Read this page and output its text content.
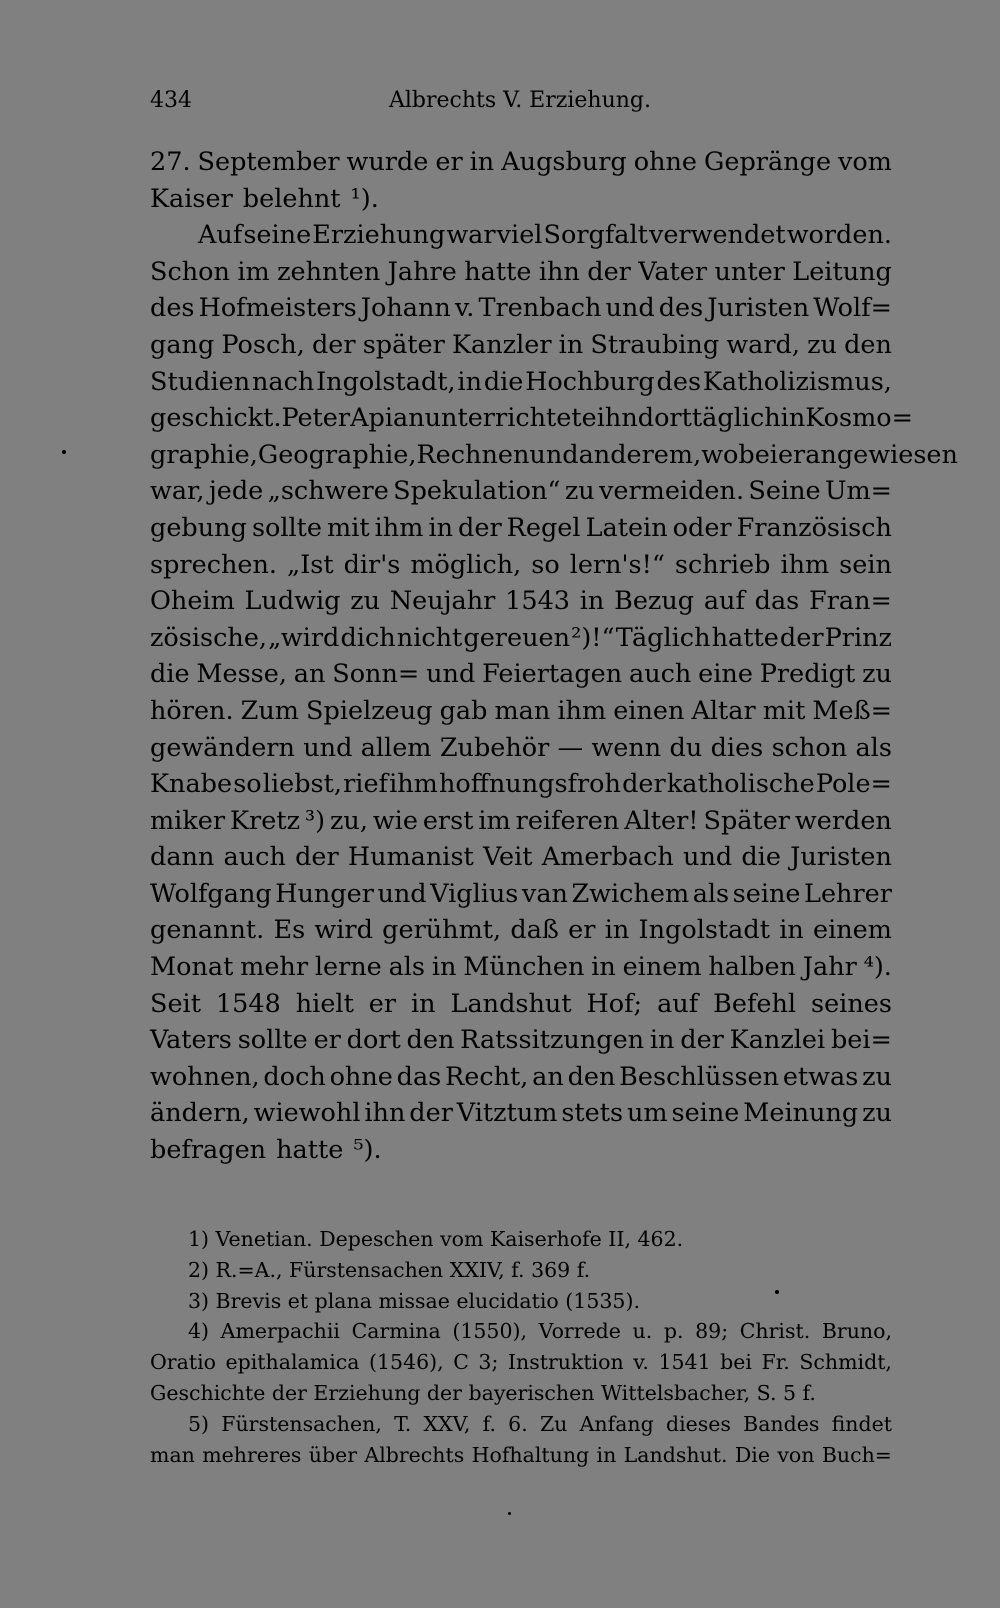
434	Albrechts V. Erziehung.
27. September wurde er in Augsburg ohne Gepränge vom
Kaiser belehnt ¹).
Auf seine Erziehung war viel Sorgfalt verwendet worden.
Schon im zehnten Jahre hatte ihn der Vater unter Leitung
des Hofmeisters Johann v. Trenbach und des Juristen Wolf=
gang Posch, der später Kanzler in Straubing ward, zu den
Studien nach Ingolstadt, in die Hochburg des Katholizismus,
geschickt. Peter Apian unterrichtete ihn dort täglich in Kosmo=
graphie, Geographie, Rechnen und anderem, wobei er angewiesen
war, jede „schwere Spekulation“ zu vermeiden. Seine Um=
gebung sollte mit ihm in der Regel Latein oder Französisch
sprechen. „Ist dir's möglich, so lern's!“ schrieb ihm sein
Oheim Ludwig zu Neujahr 1543 in Bezug auf das Fran=
zösische, „wird dich nicht gereuen ²)!“ Täglich hatte der Prinz
die Messe, an Sonn= und Feiertagen auch eine Predigt zu
hören. Zum Spielzeug gab man ihm einen Altar mit Meß=
gewändern und allem Zubehör — wenn du dies schon als
Knabe so liebst, rief ihm hoffnungsfroh der katholische Pole=
miker Kretz ³) zu, wie erst im reiferen Alter! Später werden
dann auch der Humanist Veit Amerbach und die Juristen
Wolfgang Hunger und Viglius van Zwichem als seine Lehrer
genannt. Es wird gerühmt, daß er in Ingolstadt in einem
Monat mehr lerne als in München in einem halben Jahr ⁴).
Seit 1548 hielt er in Landshut Hof; auf Befehl seines
Vaters sollte er dort den Ratssitzungen in der Kanzlei bei=
wohnen, doch ohne das Recht, an den Beschlüssen etwas zu
ändern, wiewohl ihn der Vitztum stets um seine Meinung zu
befragen hatte ⁵).
1) Venetian. Depeschen vom Kaiserhofe II, 462.
2) R.=A., Fürstensachen XXIV, f. 369 f.
3) Brevis et plana missae elucidatio (1535).
4) Amerpachii Carmina (1550), Vorrede u. p. 89; Christ. Bruno,
Oratio epithalamica (1546), C 3; Instruktion v. 1541 bei Fr. Schmidt,
Geschichte der Erziehung der bayerischen Wittelsbacher, S. 5 f.
5) Fürstensachen, T. XXV, f. 6. Zu Anfang dieses Bandes findet
man mehreres über Albrechts Hofhaltung in Landshut. Die von Buch=
